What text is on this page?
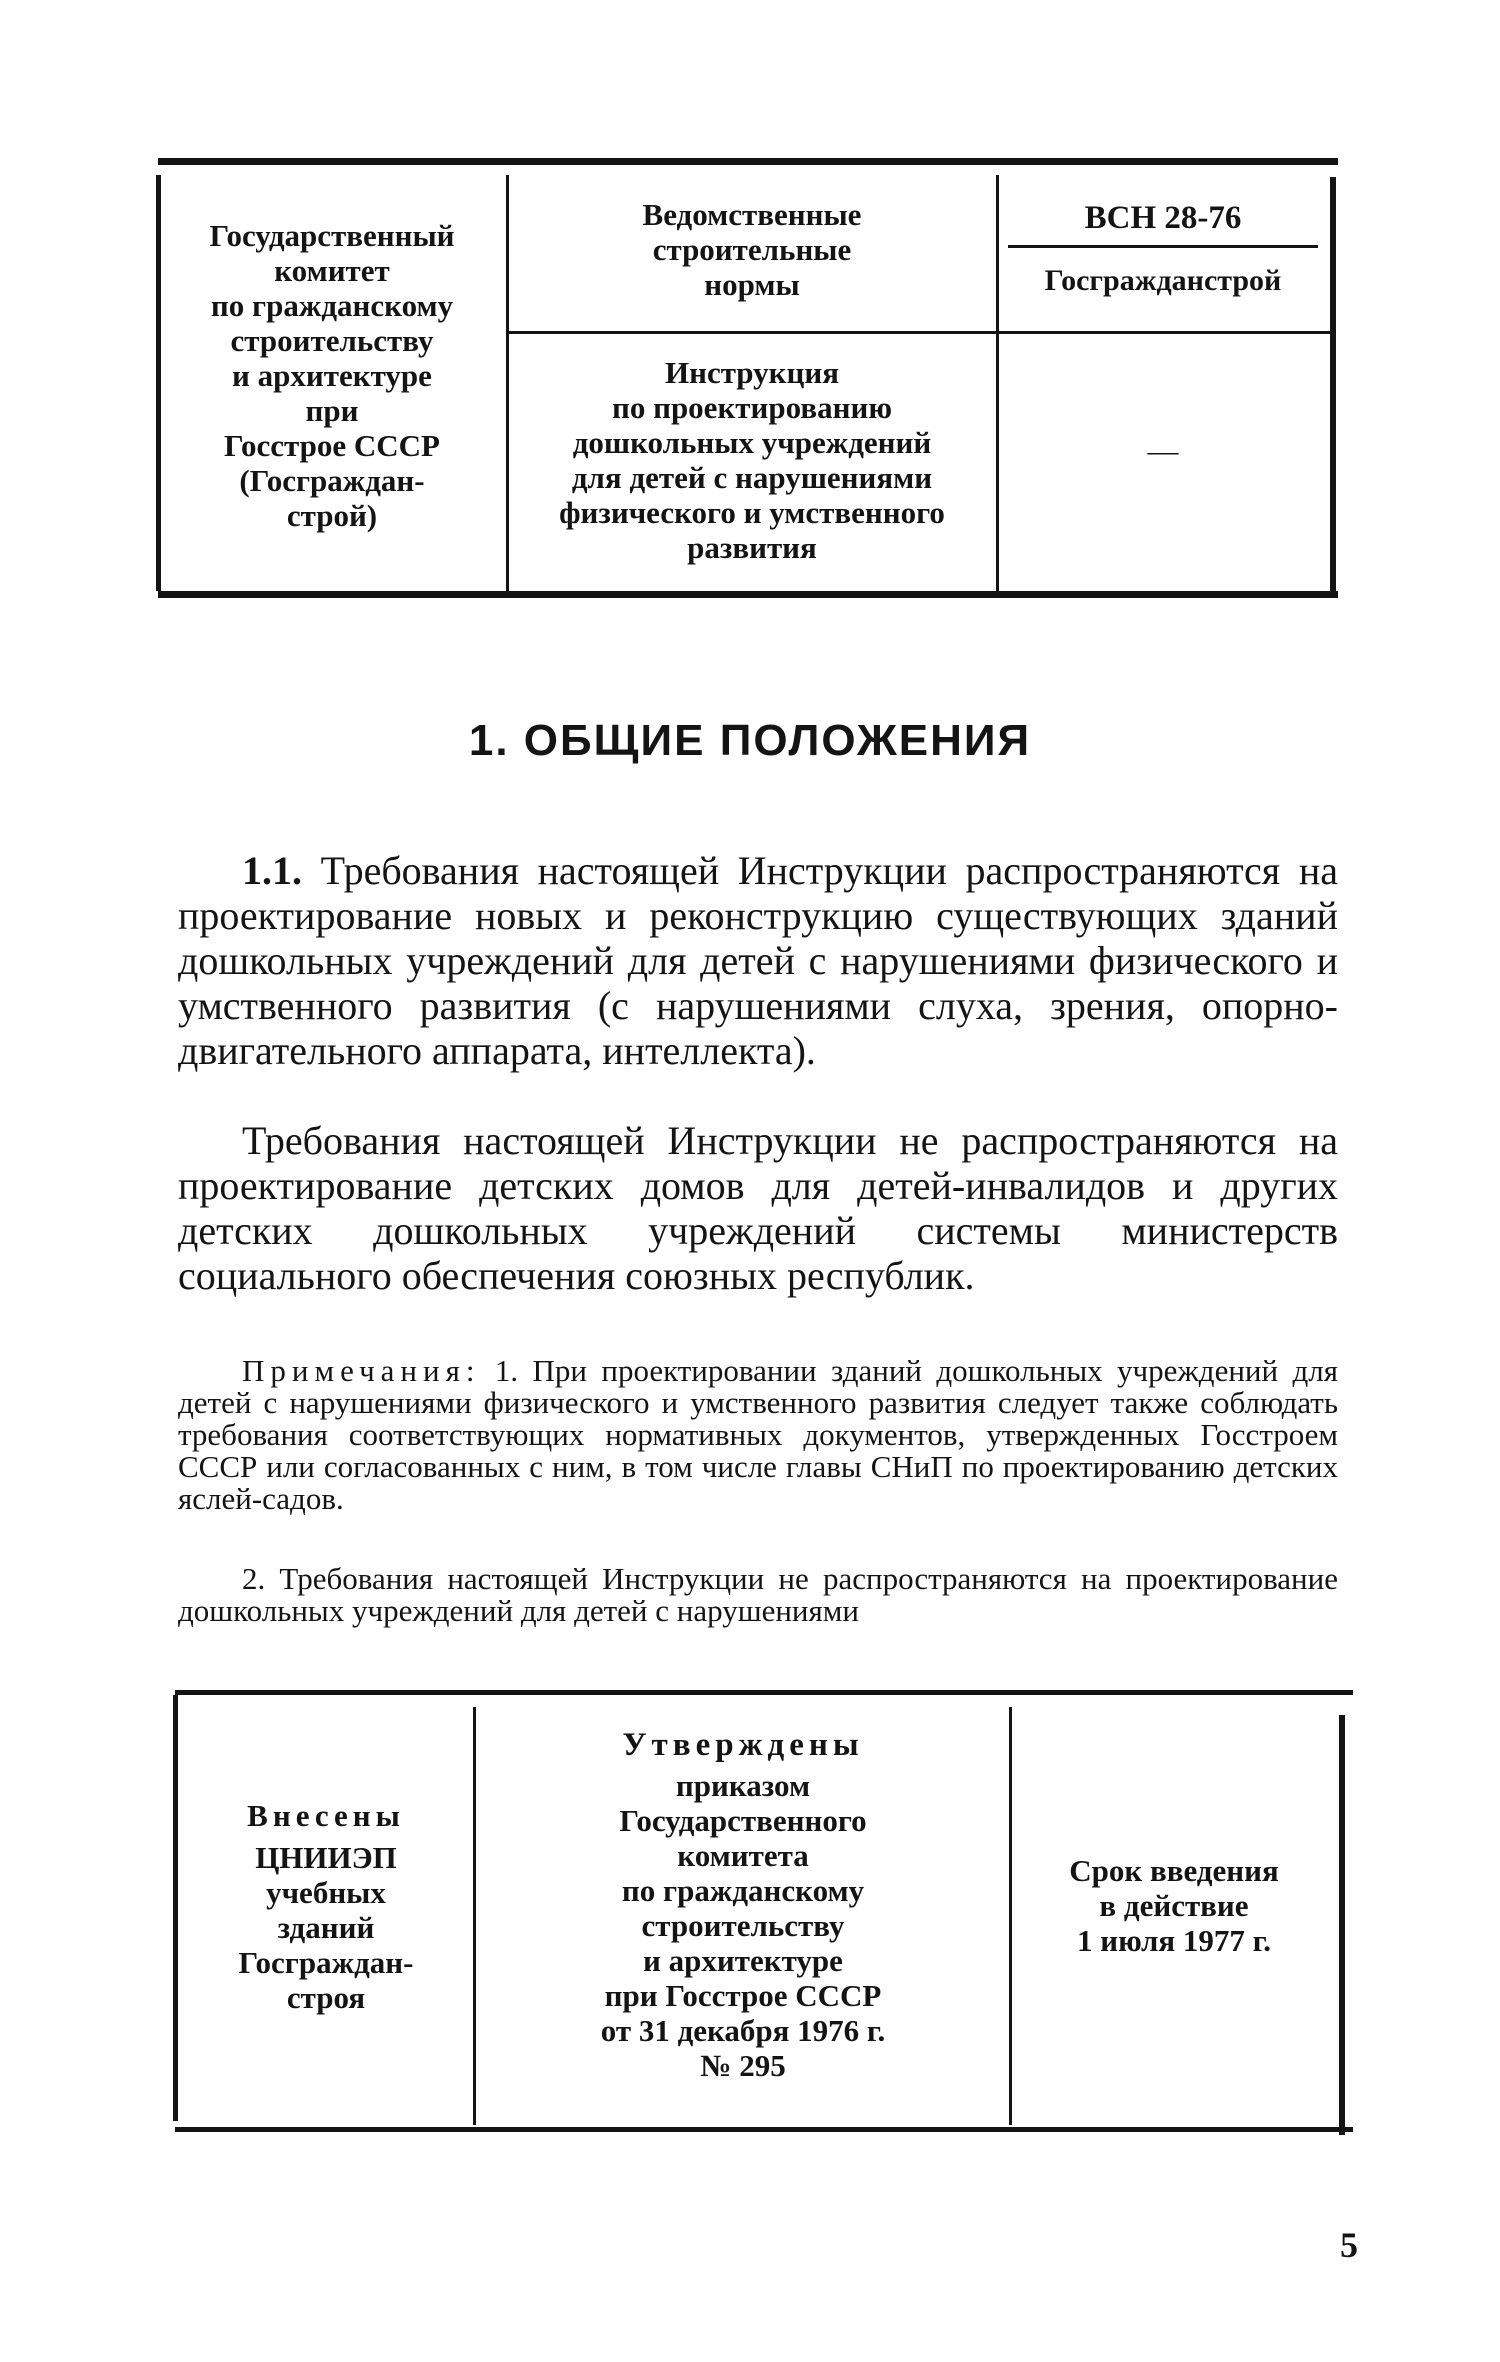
Государственный
комитет
по гражданскому
строительству
и архитектуре
при
Госстрое СССР
(Госграждан-
строй)
Ведомственные
строительные
нормы
Инструкция
по проектированию
дошкольных учреждений
для детей с нарушениями
физического и умственного
развития
ВСН 28-76
Госгражданстрой
—
1. ОБЩИЕ ПОЛОЖЕНИЯ
1.1. Требования настоящей Инструкции распространяются на проектирование новых и реконструкцию существующих зданий дошкольных учреждений для детей с нарушениями физического и умственного развития (с нарушениями слуха, зрения, опорно-двигательного аппарата, интеллекта).
Требования настоящей Инструкции не распространяются на проектирование детских домов для детей-инвалидов и других детских дошкольных учреждений системы министерств социального обеспечения союзных республик.
Примечания: 1. При проектировании зданий дошкольных учреждений для детей с нарушениями физического и умственного развития следует также соблюдать требования соответствующих нормативных документов, утвержденных Госстроем СССР или согласованных с ним, в том числе главы СНиП по проектированию детских яслей-садов.
2. Требования настоящей Инструкции не распространяются на проектирование дошкольных учреждений для детей с нарушениями
Внесены
ЦНИИЭП
учебных
зданий
Госграждан-
строя
Утверждены
приказом
Государственного
комитета
по гражданскому
строительству
и архитектуре
при Госстрое СССР
от 31 декабря 1976 г.
№ 295
Срок введения
в действие
1 июля 1977 г.
5
